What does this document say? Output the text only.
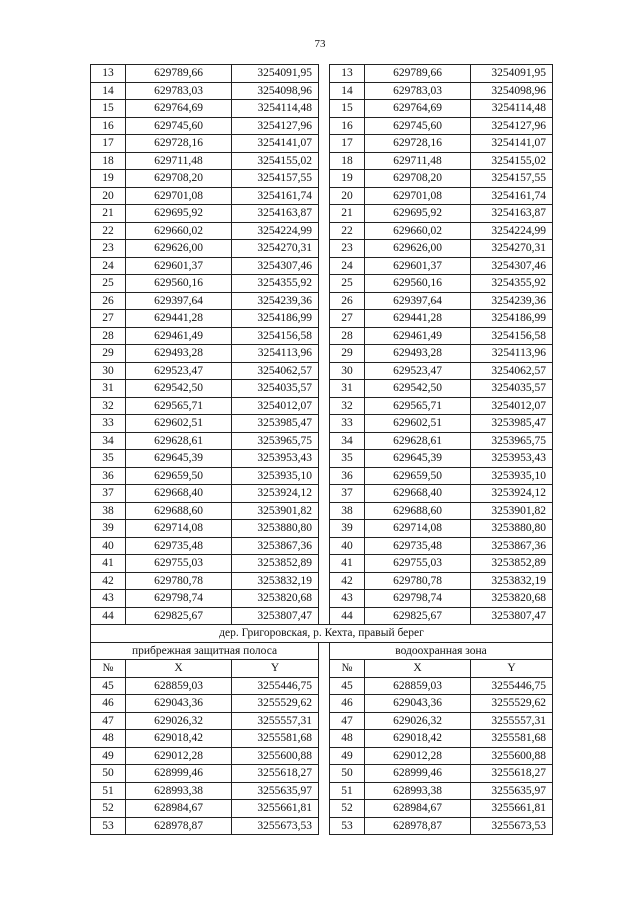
73
13	629789,66	3254091,95		13	629789,66	3254091,95
14	629783,03	3254098,96		14	629783,03	3254098,96
15	629764,69	3254114,48		15	629764,69	3254114,48
16	629745,60	3254127,96		16	629745,60	3254127,96
17	629728,16	3254141,07		17	629728,16	3254141,07
18	629711,48	3254155,02		18	629711,48	3254155,02
19	629708,20	3254157,55		19	629708,20	3254157,55
20	629701,08	3254161,74		20	629701,08	3254161,74
21	629695,92	3254163,87		21	629695,92	3254163,87
22	629660,02	3254224,99		22	629660,02	3254224,99
23	629626,00	3254270,31		23	629626,00	3254270,31
24	629601,37	3254307,46		24	629601,37	3254307,46
25	629560,16	3254355,92		25	629560,16	3254355,92
26	629397,64	3254239,36		26	629397,64	3254239,36
27	629441,28	3254186,99		27	629441,28	3254186,99
28	629461,49	3254156,58		28	629461,49	3254156,58
29	629493,28	3254113,96		29	629493,28	3254113,96
30	629523,47	3254062,57		30	629523,47	3254062,57
31	629542,50	3254035,57		31	629542,50	3254035,57
32	629565,71	3254012,07		32	629565,71	3254012,07
33	629602,51	3253985,47		33	629602,51	3253985,47
34	629628,61	3253965,75		34	629628,61	3253965,75
35	629645,39	3253953,43		35	629645,39	3253953,43
36	629659,50	3253935,10		36	629659,50	3253935,10
37	629668,40	3253924,12		37	629668,40	3253924,12
38	629688,60	3253901,82		38	629688,60	3253901,82
39	629714,08	3253880,80		39	629714,08	3253880,80
40	629735,48	3253867,36		40	629735,48	3253867,36
41	629755,03	3253852,89		41	629755,03	3253852,89
42	629780,78	3253832,19		42	629780,78	3253832,19
43	629798,74	3253820,68		43	629798,74	3253820,68
44	629825,67	3253807,47		44	629825,67	3253807,47
дер. Григоровская, р. Кехта, правый берег						
прибрежная защитная полоса				водоохранная зона		
№	X	Y		№	X	Y
45	628859,03	3255446,75		45	628859,03	3255446,75
46	629043,36	3255529,62		46	629043,36	3255529,62
47	629026,32	3255557,31		47	629026,32	3255557,31
48	629018,42	3255581,68		48	629018,42	3255581,68
49	629012,28	3255600,88		49	629012,28	3255600,88
50	628999,46	3255618,27		50	628999,46	3255618,27
51	628993,38	3255635,97		51	628993,38	3255635,97
52	628984,67	3255661,81		52	628984,67	3255661,81
53	628978,87	3255673,53		53	628978,87	3255673,53
